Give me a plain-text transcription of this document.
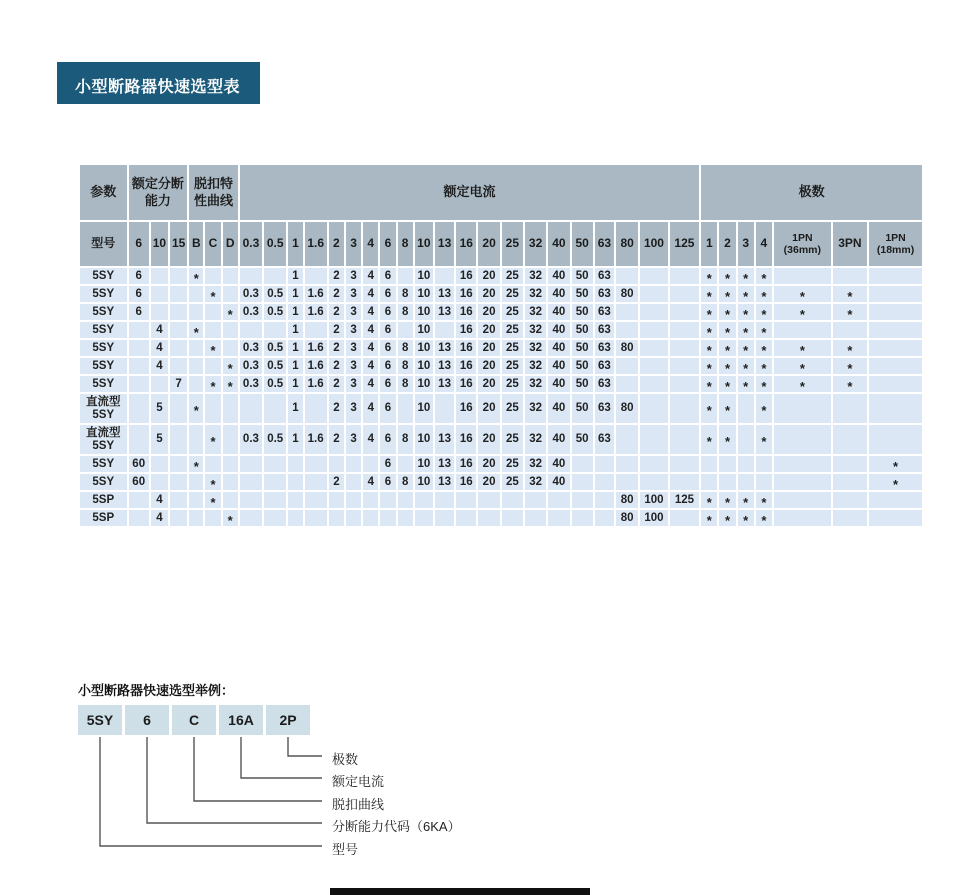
小型断路器快速选型表
参数	额定分断能力			脱扣特性曲线			额定电流																					极数						
型号	6	10	15	B	C	D	0.3	0.5	1	1.6	2	3	4	6	8	10	13	16	20	25	32	40	50	63	80	100	125	1	2	3	4	1PN (36mm)	3PN	1PN (18mm)
5SY	6			*					1		2	3	4	6		10		16	20	25	32	40	50	63				*	*	*	*			
5SY	6				*		0.3	0.5	1	1.6	2	3	4	6	8	10	13	16	20	25	32	40	50	63	80			*	*	*	*	*	*	
5SY	6					*	0.3	0.5	1	1.6	2	3	4	6	8	10	13	16	20	25	32	40	50	63				*	*	*	*	*	*	
5SY		4		*					1		2	3	4	6		10		16	20	25	32	40	50	63				*	*	*	*			
5SY		4			*		0.3	0.5	1	1.6	2	3	4	6	8	10	13	16	20	25	32	40	50	63	80			*	*	*	*	*	*	
5SY		4				*	0.3	0.5	1	1.6	2	3	4	6	8	10	13	16	20	25	32	40	50	63				*	*	*	*	*	*	
5SY			7		*	*	0.3	0.5	1	1.6	2	3	4	6	8	10	13	16	20	25	32	40	50	63				*	*	*	*	*	*	
直流型 5SY		5		*					1		2	3	4	6		10		16	20	25	32	40	50	63	80			*	*		*			
直流型 5SY		5			*		0.3	0.5	1	1.6	2	3	4	6	8	10	13	16	20	25	32	40	50	63				*	*		*			
5SY	60			*										6		10	13	16	20	25	32	40												*
5SY	60				*						2		4	6	8	10	13	16	20	25	32	40												*
5SP		4			*																				80	100	125	*	*	*	*			
5SP		4				*																			80	100		*	*	*	*			
小型断路器快速选型举例：
5SY	6	C	16A	2P
极数
额定电流
脱扣曲线
分断能力代码（6KA）
型号
